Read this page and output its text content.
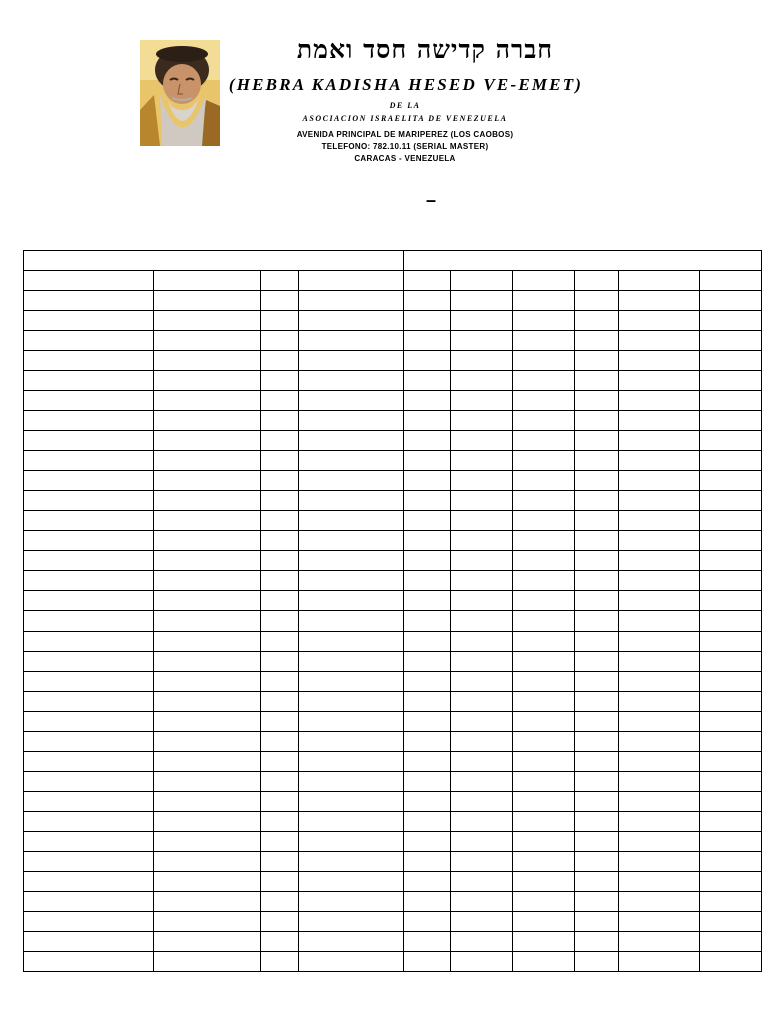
חברה קדישה חסד ואמת
(HEBRA KADISHA HESED VE-EMET)
DE LA
ASOCIACION ISRAELITA DE VENEZUELA
AVENIDA PRINCIPAL DE MARIPEREZ (LOS CAOBOS)
TELEFONO: 782.10.11 (SERIAL MASTER)
CARACAS - VENEZUELA
–
